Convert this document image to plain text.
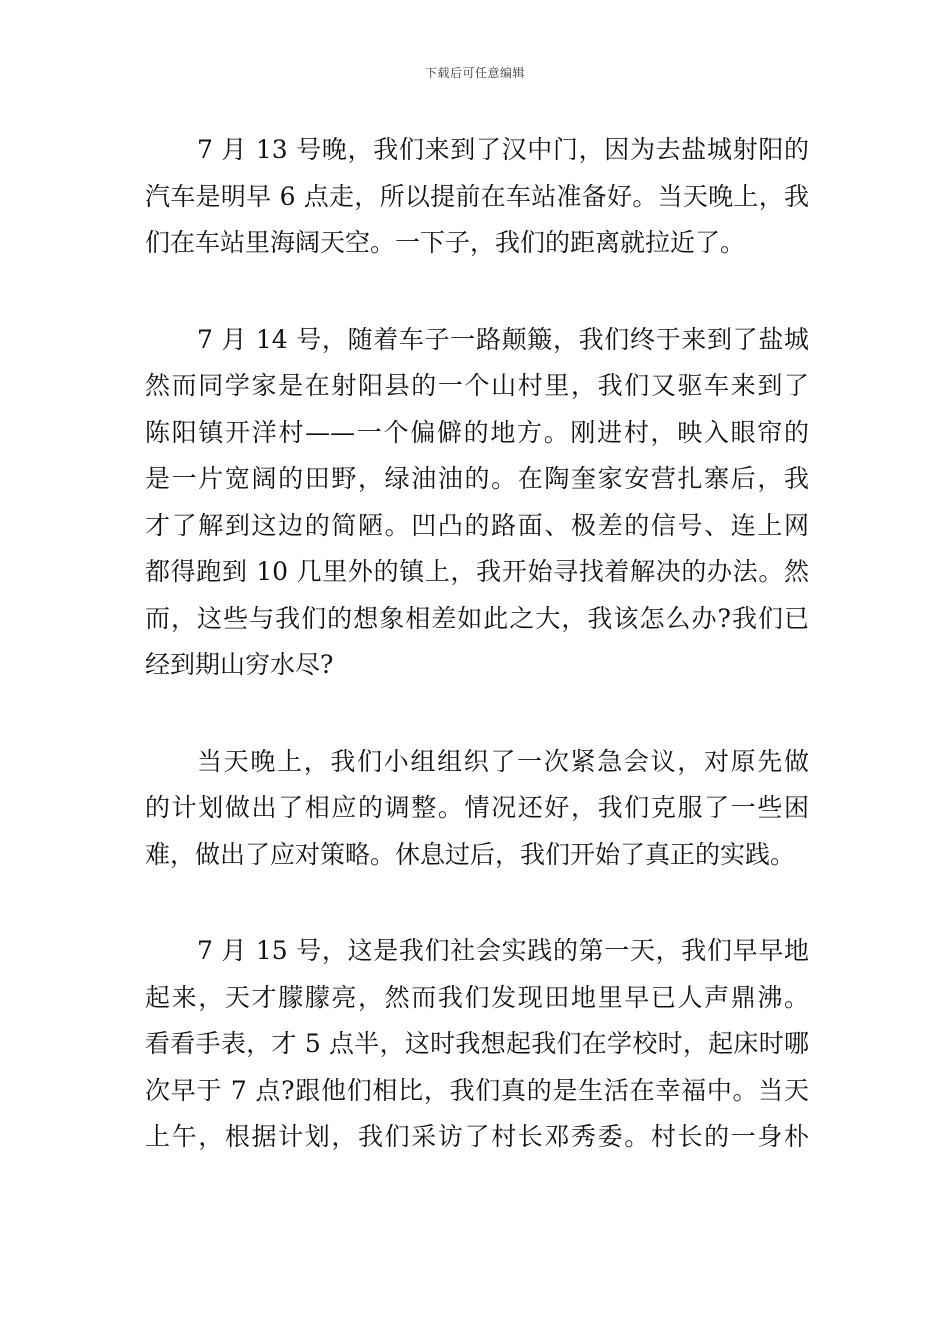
下载后可任意编辑
7 月 13 号晚，我们来到了汉中门，因为去盐城射阳的
汽车是明早 6 点走，所以提前在车站准备好。当天晚上，我
们在车站里海阔天空。一下子，我们的距离就拉近了。
7 月 14 号，随着车子一路颠簸，我们终于来到了盐城
然而同学家是在射阳县的一个山村里，我们又驱车来到了
陈阳镇开洋村——一个偏僻的地方。刚进村，映入眼帘的
是一片宽阔的田野，绿油油的。在陶奎家安营扎寨后，我
才了解到这边的简陋。凹凸的路面、极差的信号、连上网
都得跑到 10 几里外的镇上，我开始寻找着解决的办法。然
而，这些与我们的想象相差如此之大，我该怎么办?我们已
经到期山穷水尽?
当天晚上，我们小组组织了一次紧急会议，对原先做
的计划做出了相应的调整。情况还好，我们克服了一些困
难，做出了应对策略。休息过后，我们开始了真正的实践。
7 月 15 号，这是我们社会实践的第一天，我们早早地
起来，天才朦朦亮，然而我们发现田地里早已人声鼎沸。
看看手表，才 5 点半，这时我想起我们在学校时，起床时哪
次早于 7 点?跟他们相比，我们真的是生活在幸福中。当天
上午，根据计划，我们采访了村长邓秀委。村长的一身朴
